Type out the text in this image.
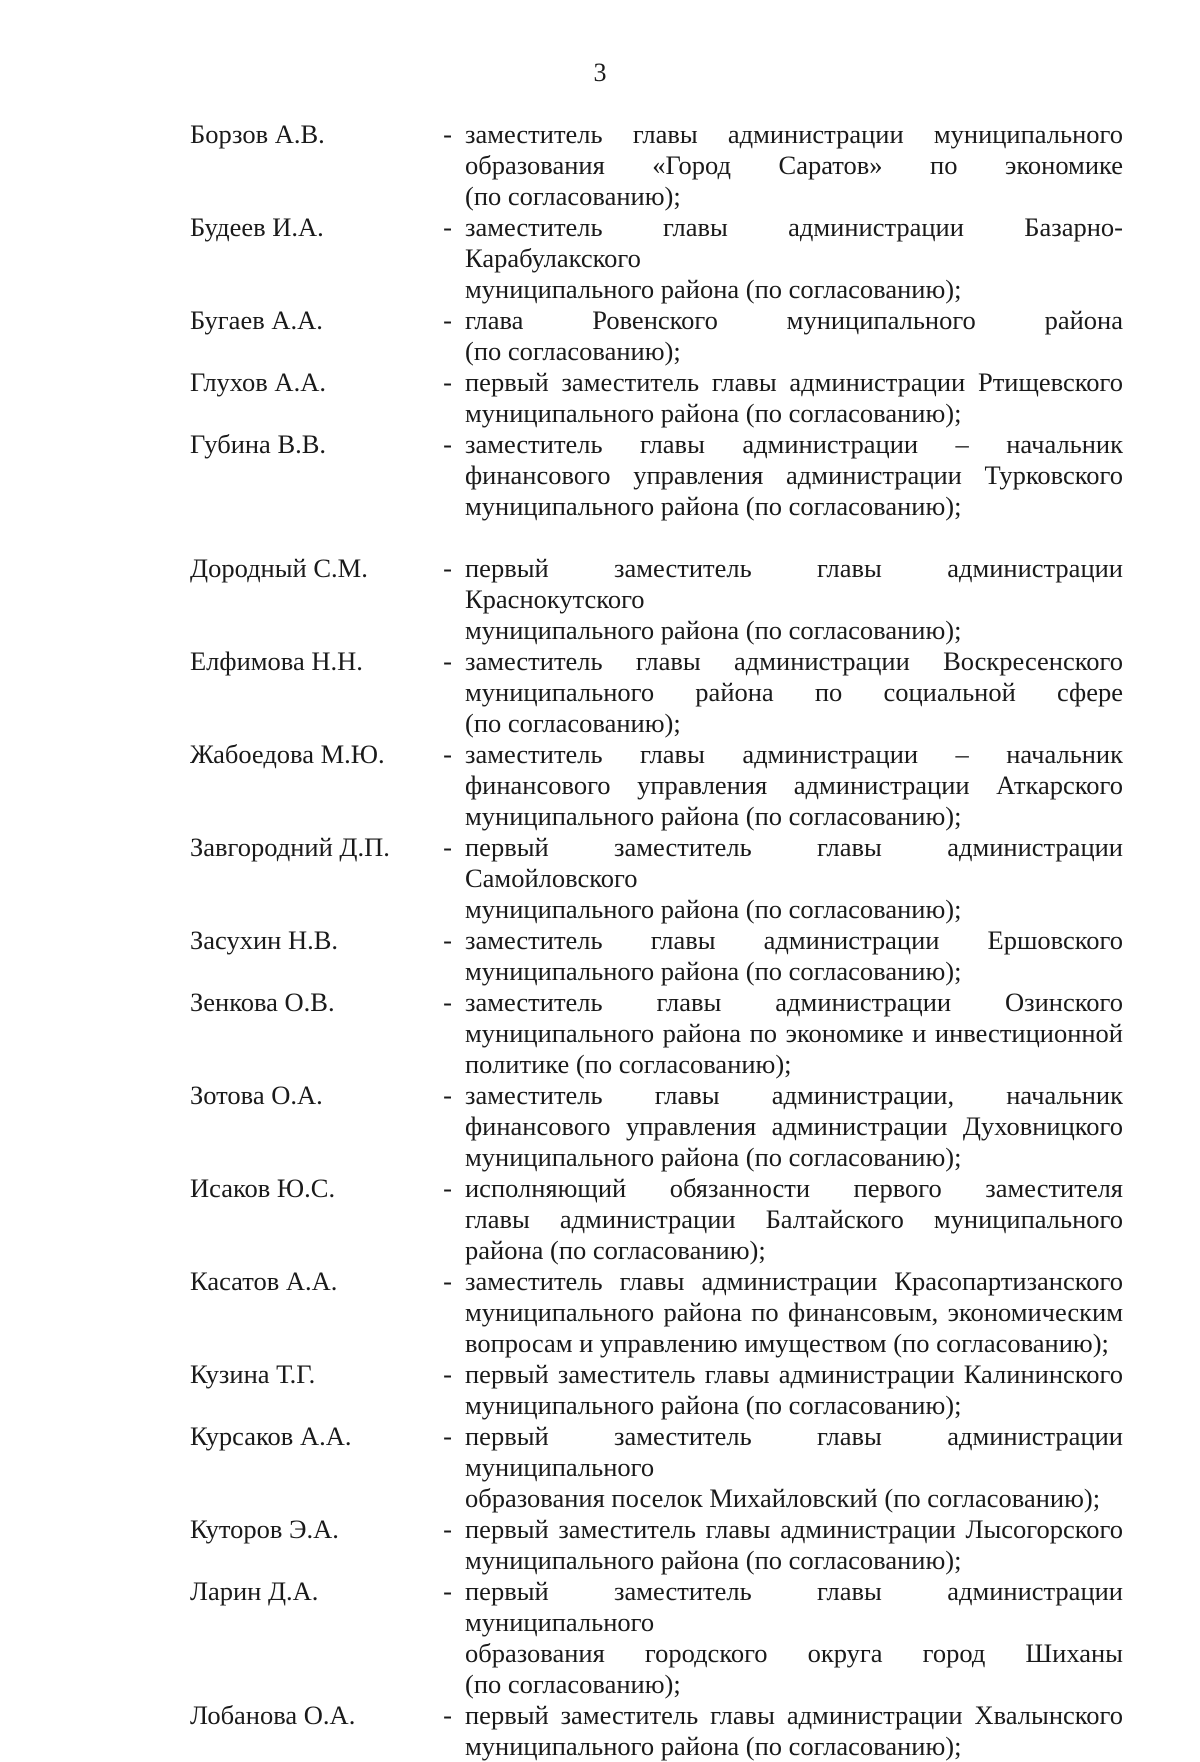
3
Борзов А.В.	- заместитель главы администрации муниципального
образования «Город Саратов» по экономике
(по согласованию);
Будеев И.А.	- заместитель главы администрации Базарно-Карабулакского
муниципального района (по согласованию);
Бугаев А.А.	- глава Ровенского муниципального района
(по согласованию);
Глухов А.А.	- первый заместитель главы администрации Ртищевского
муниципального района (по согласованию);
Губина В.В.	- заместитель главы администрации – начальник
финансового управления администрации Турковского
муниципального района (по согласованию);
Дородный С.М.	- первый заместитель главы администрации Краснокутского
муниципального района (по согласованию);
Елфимова Н.Н.	- заместитель главы администрации Воскресенского
муниципального района по социальной сфере
(по согласованию);
Жабоедова М.Ю.	- заместитель главы администрации – начальник
финансового управления администрации Аткарского
муниципального района (по согласованию);
Завгородний Д.П.	- первый заместитель главы администрации Самойловского
муниципального района (по согласованию);
Засухин Н.В.	- заместитель главы администрации Ершовского
муниципального района (по согласованию);
Зенкова О.В.	- заместитель главы администрации Озинского
муниципального района по экономике и инвестиционной
политике (по согласованию);
Зотова О.А.	- заместитель главы администрации, начальник
финансового управления администрации Духовницкого
муниципального района (по согласованию);
Исаков Ю.С.	- исполняющий обязанности первого заместителя
главы администрации Балтайского муниципального
района (по согласованию);
Касатов А.А.	- заместитель главы администрации Красопартизанского
муниципального района по финансовым, экономическим
вопросам и управлению имуществом (по согласованию);
Кузина Т.Г.	- первый заместитель главы администрации Калининского
муниципального района (по согласованию);
Курсаков А.А.	- первый заместитель главы администрации муниципального
образования поселок Михайловский (по согласованию);
Куторов Э.А.	- первый заместитель главы администрации Лысогорского
муниципального района (по согласованию);
Ларин Д.А.	- первый заместитель главы администрации муниципального
образования городского округа город Шиханы
(по согласованию);
Лобанова О.А.	- первый заместитель главы администрации Хвалынского
муниципального района (по согласованию);
